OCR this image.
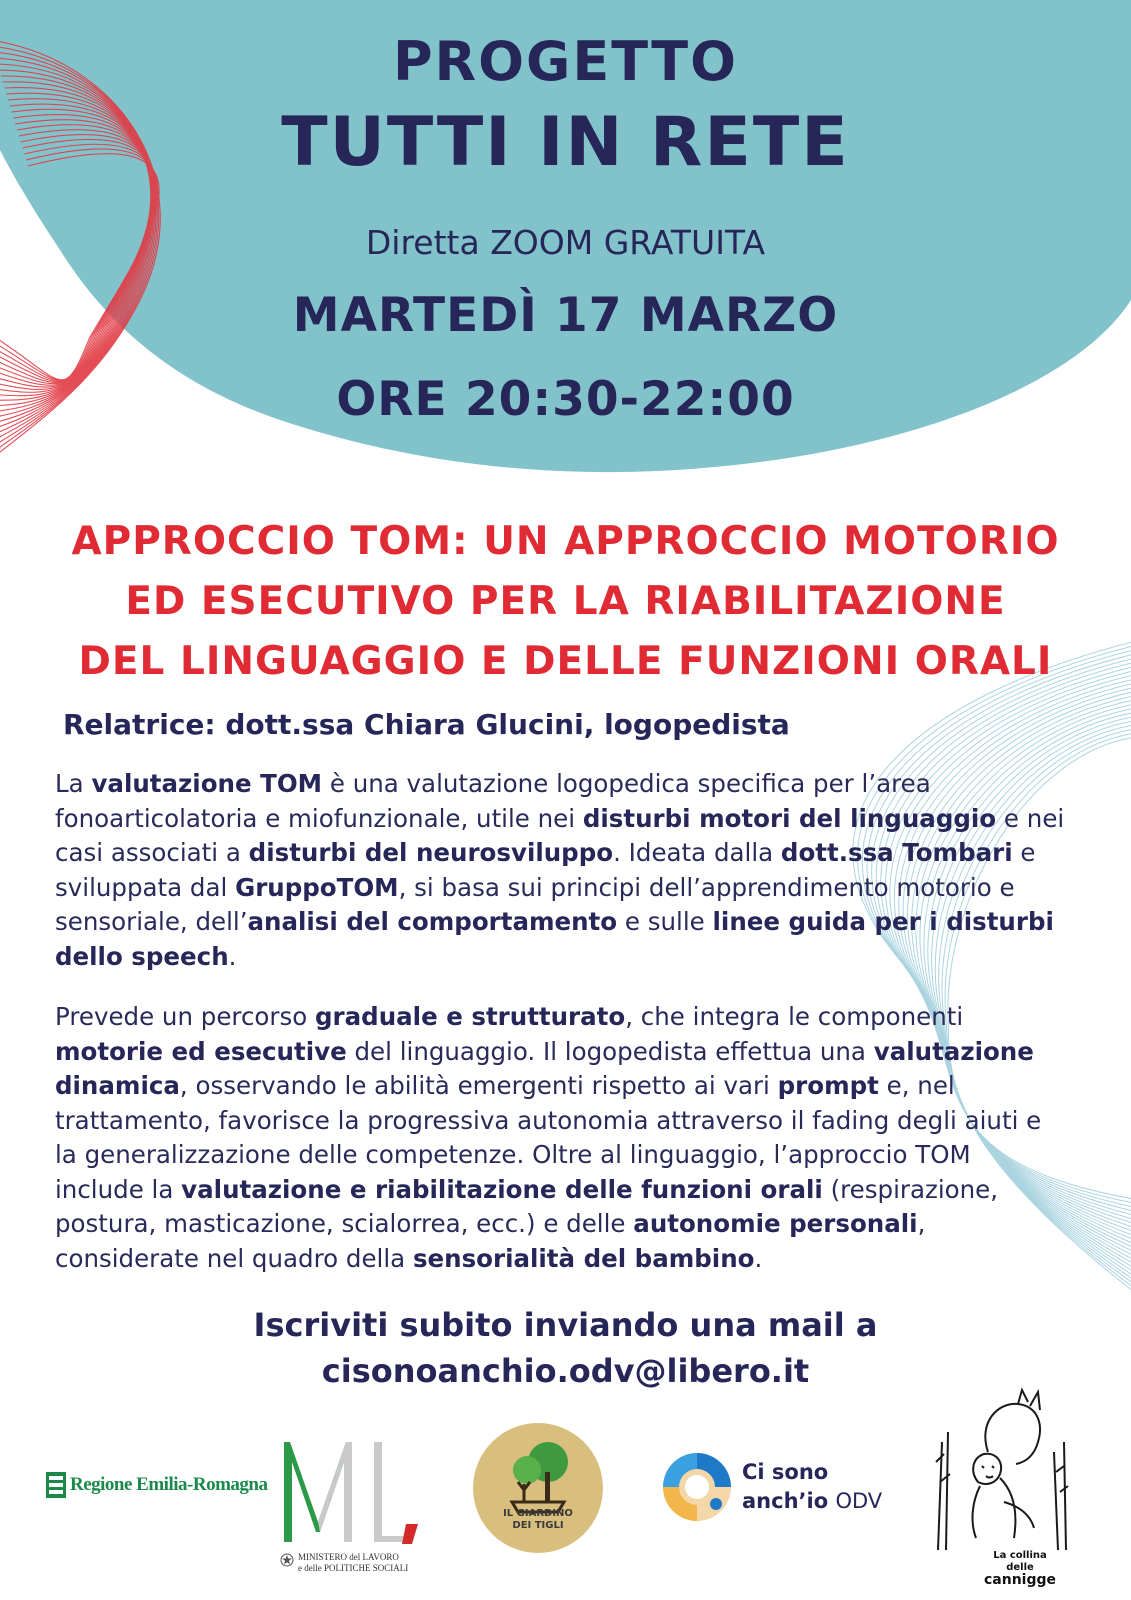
PROGETTO
TUTTI IN RETE
Diretta ZOOM GRATUITA
MARTEDÌ 17 MARZO
ORE 20:30-22:00
APPROCCIO TOM: UN APPROCCIO MOTORIO
ED ESECUTIVO PER LA RIABILITAZIONE
DEL LINGUAGGIO E DELLE FUNZIONI ORALI
Relatrice: dott.ssa Chiara Glucini, logopedista
La valutazione TOM è una valutazione logopedica specifica per l’area fonoarticolatoria e miofunzionale, utile nei disturbi motori del linguaggio e nei casi associati a disturbi del neurosviluppo. Ideata dalla dott.ssa Tombari e sviluppata dal GruppoTOM, si basa sui principi dell’apprendimento motorio e sensoriale, dell’analisi del comportamento e sulle linee guida per i disturbi dello speech.
Prevede un percorso graduale e strutturato, che integra le componenti motorie ed esecutive del linguaggio. Il logopedista effettua una valutazione dinamica, osservando le abilità emergenti rispetto ai vari prompt e, nel trattamento, favorisce la progressiva autonomia attraverso il fading degli aiuti e la generalizzazione delle competenze. Oltre al linguaggio, l’approccio TOM include la valutazione e riabilitazione delle funzioni orali (respirazione, postura, masticazione, scialorrea, ecc.) e delle autonomie personali, considerate nel quadro della sensorialità del bambino.
Iscriviti subito inviando una mail a
cisonoanchio.odv@libero.it
Regione Emilia-Romagna
MINISTERO del LAVORO
e delle POLITICHE SOCIALI
IL GIARDINO
DEI TIGLI
Ci sono
anch’io ODV
La collina delle
cannigge
